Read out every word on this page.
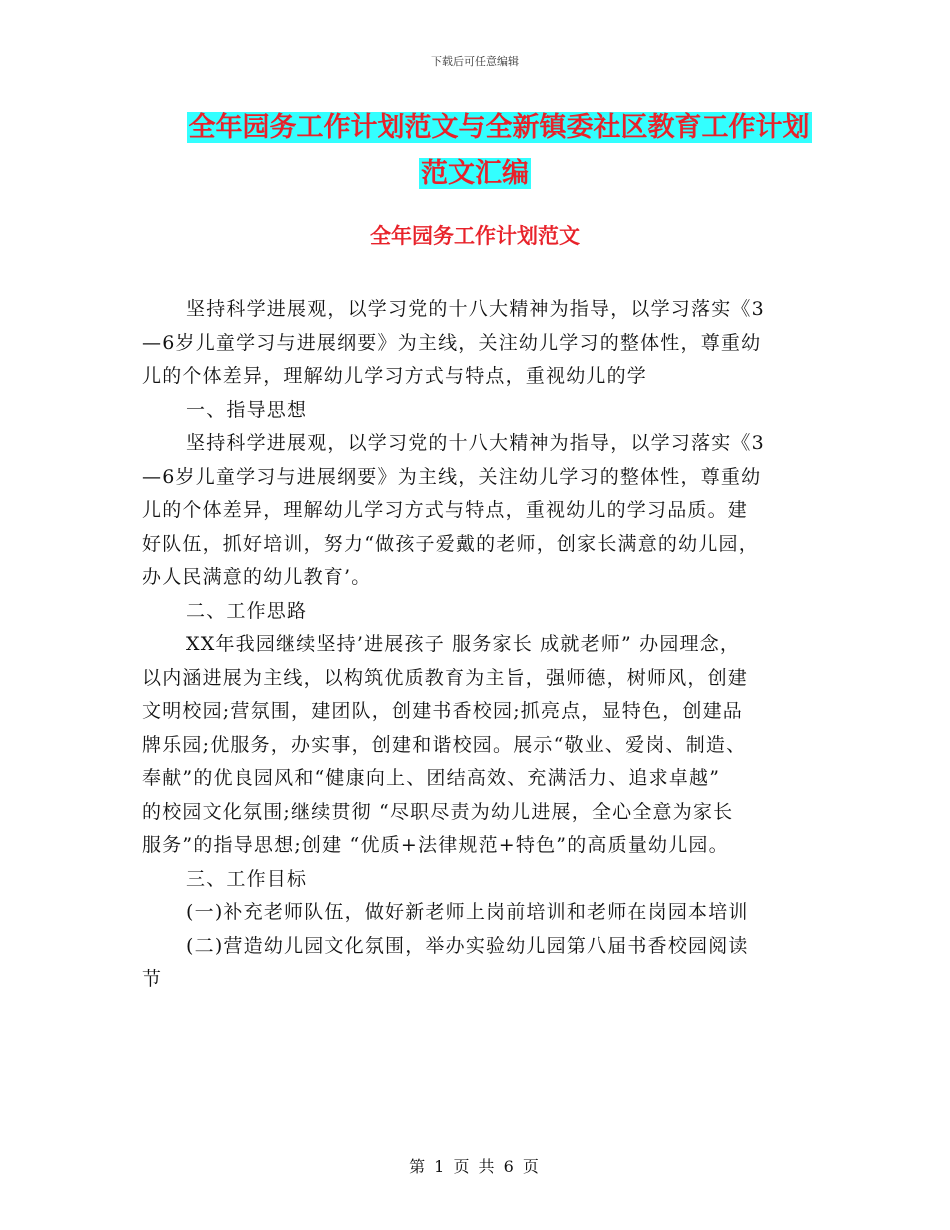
下载后可任意编辑
全年园务工作计划范文与全新镇委社区教育工作计划
范文汇编
全年园务工作计划范文
坚持科学进展观，以学习党的十八大精神为指导，以学习落实《3
—6岁儿童学习与进展纲要》为主线，关注幼儿学习的整体性，尊重幼
儿的个体差异，理解幼儿学习方式与特点，重视幼儿的学
一、指导思想
坚持科学进展观，以学习党的十八大精神为指导，以学习落实《3
—6岁儿童学习与进展纲要》为主线，关注幼儿学习的整体性，尊重幼
儿的个体差异，理解幼儿学习方式与特点，重视幼儿的学习品质。建
好队伍，抓好培训，努力“做孩子爱戴的老师，创家长满意的幼儿园，
办人民满意的幼儿教育’。
二、工作思路
XX年我园继续坚持’进展孩子 服务家长 成就老师” 办园理念，
以内涵进展为主线，以构筑优质教育为主旨，强师德，树师风，创建
文明校园;营氛围，建团队，创建书香校园;抓亮点，显特色，创建品
牌乐园;优服务，办实事，创建和谐校园。展示“敬业、爱岗、制造、
奉献”的优良园风和“健康向上、团结高效、充满活力、追求卓越”
的校园文化氛围;继续贯彻 “尽职尽责为幼儿进展，全心全意为家长
服务”的指导思想;创建 “优质+法律规范+特色”的高质量幼儿园。
三、工作目标
(一)补充老师队伍，做好新老师上岗前培训和老师在岗园本培训
(二)营造幼儿园文化氛围，举办实验幼儿园第八届书香校园阅读
节
第 1 页 共 6 页
